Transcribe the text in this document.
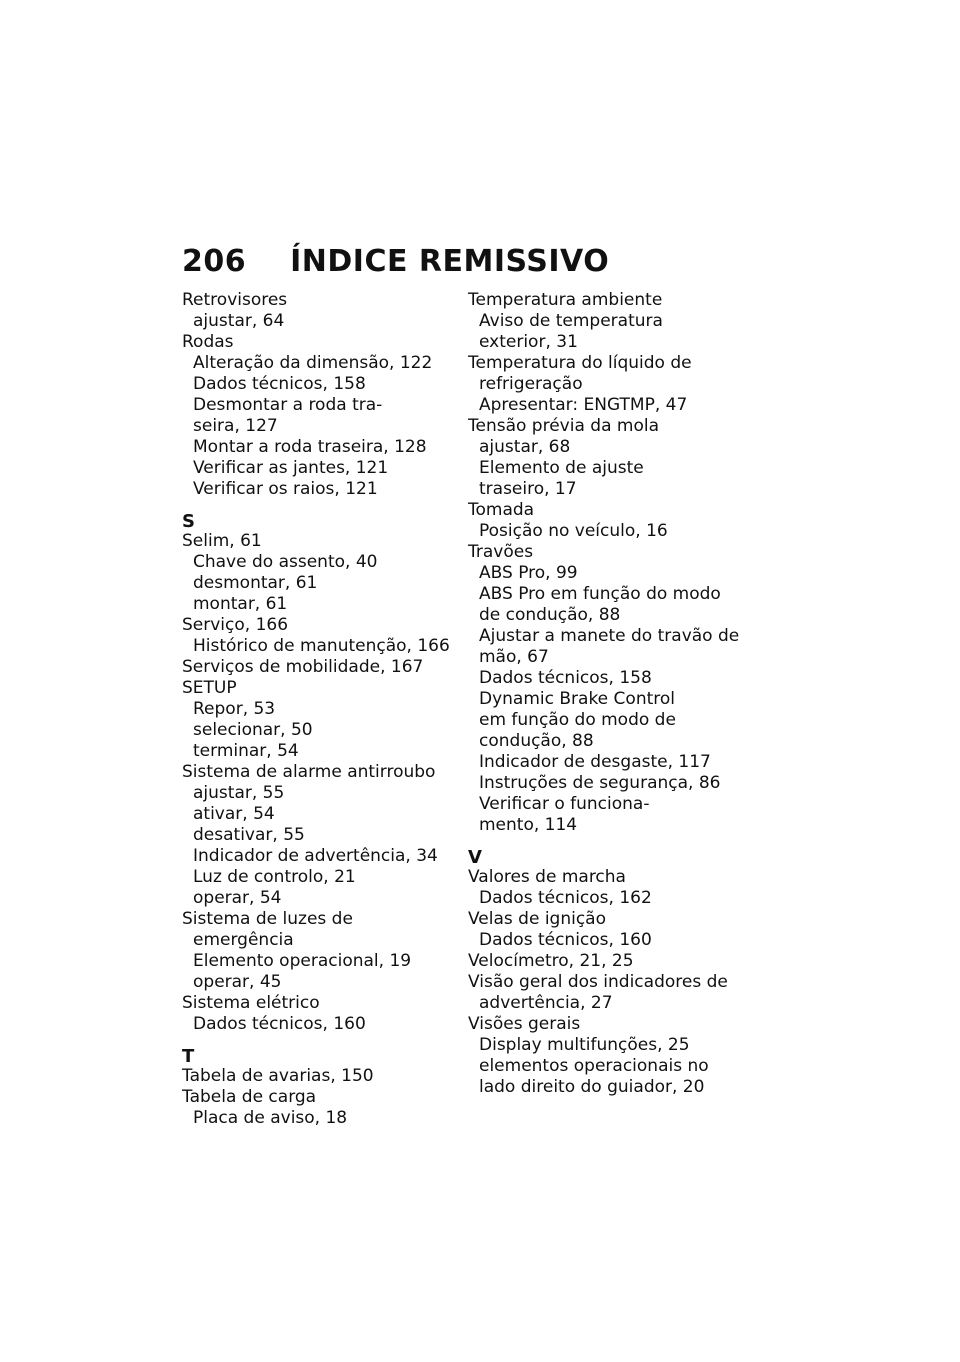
206 ÍNDICE REMISSIVO
Retrovisores
ajustar, 64
Rodas
Alteração da dimensão, 122
Dados técnicos, 158
Desmontar a roda tra-
seira, 127
Montar a roda traseira, 128
Verificar as jantes, 121
Verificar os raios, 121
S
Selim, 61
Chave do assento, 40
desmontar, 61
montar, 61
Serviço, 166
Histórico de manutenção, 166
Serviços de mobilidade, 167
SETUP
Repor, 53
selecionar, 50
terminar, 54
Sistema de alarme antirroubo
ajustar, 55
ativar, 54
desativar, 55
Indicador de advertência, 34
Luz de controlo, 21
operar, 54
Sistema de luzes de
emergência
Elemento operacional, 19
operar, 45
Sistema elétrico
Dados técnicos, 160
T
Tabela de avarias, 150
Tabela de carga
Placa de aviso, 18
Temperatura ambiente
Aviso de temperatura
exterior, 31
Temperatura do líquido de
refrigeração
Apresentar: ENGTMP, 47
Tensão prévia da mola
ajustar, 68
Elemento de ajuste
traseiro, 17
Tomada
Posição no veículo, 16
Travões
ABS Pro, 99
ABS Pro em função do modo
de condução, 88
Ajustar a manete do travão de
mão, 67
Dados técnicos, 158
Dynamic Brake Control
em função do modo de
condução, 88
Indicador de desgaste, 117
Instruções de segurança, 86
Verificar o funciona-
mento, 114
V
Valores de marcha
Dados técnicos, 162
Velas de ignição
Dados técnicos, 160
Velocímetro, 21, 25
Visão geral dos indicadores de
advertência, 27
Visões gerais
Display multifunções, 25
elementos operacionais no
lado direito do guiador, 20
